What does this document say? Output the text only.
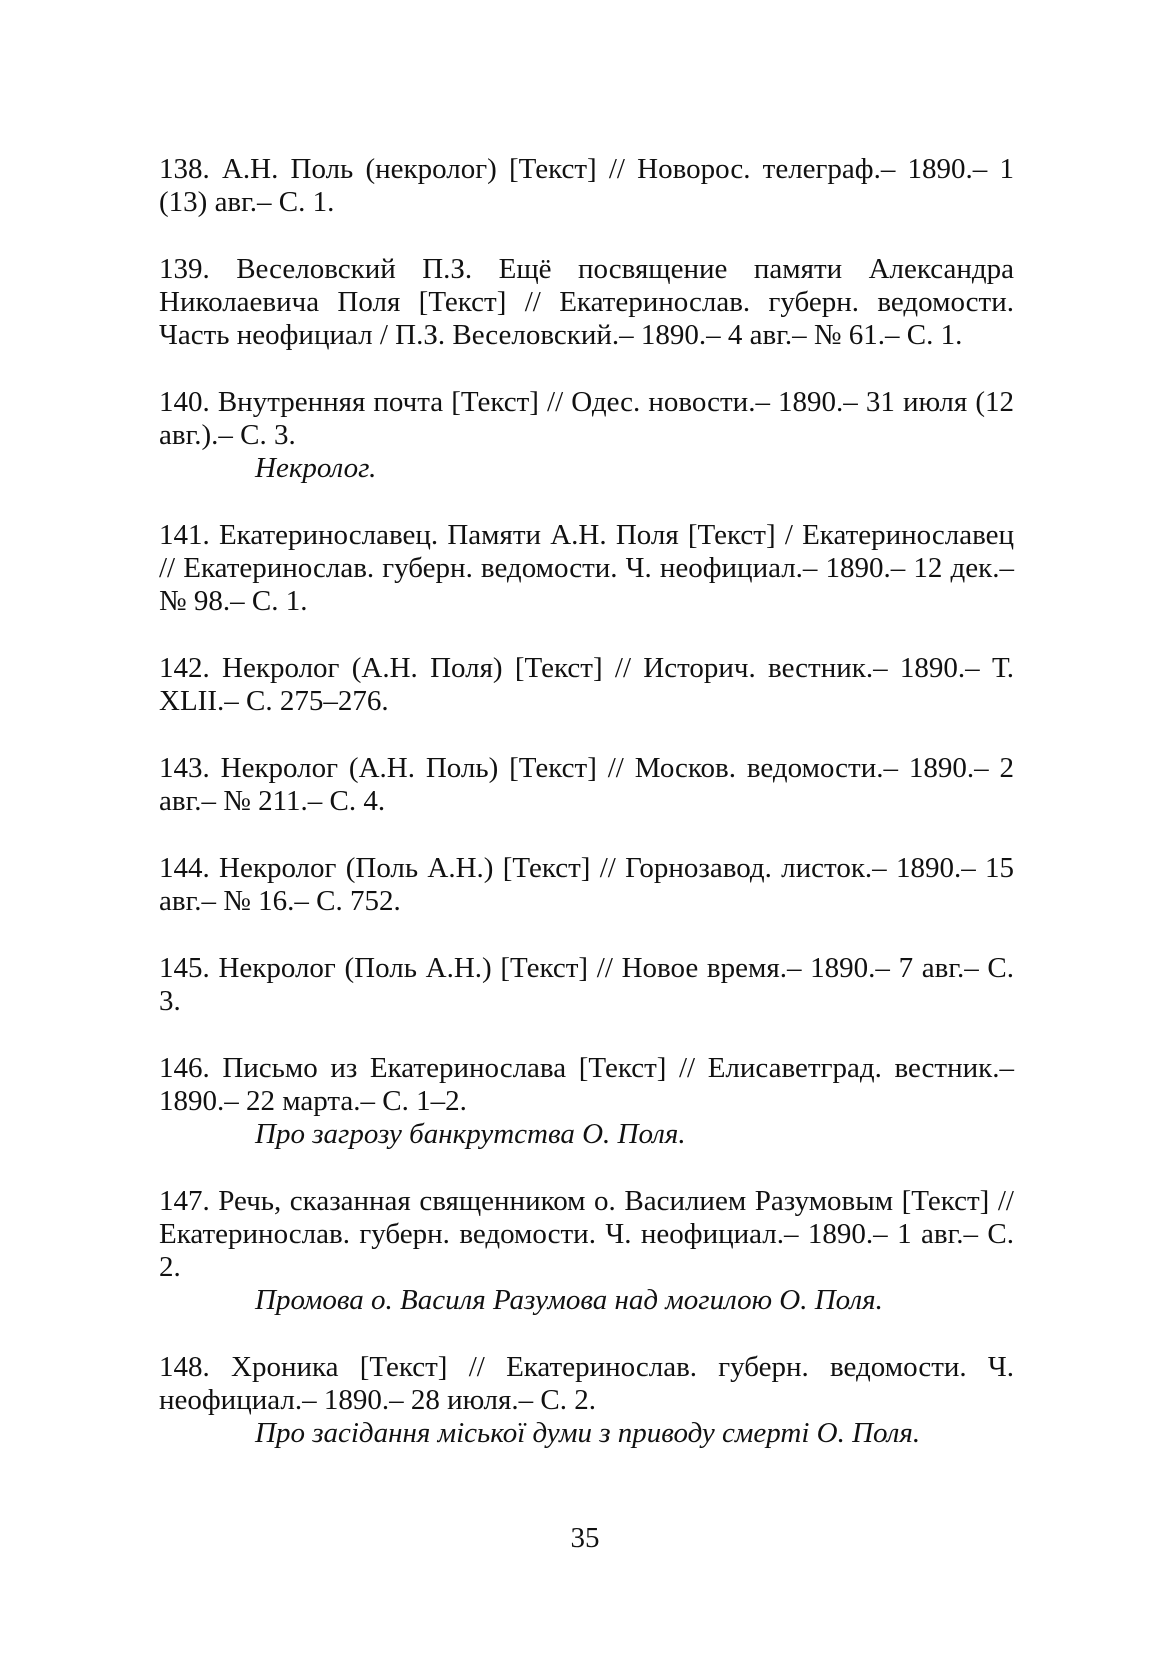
138. А.Н. Поль (некролог) [Текст] // Новорос. телеграф.– 1890.– 1 (13) авг.– С. 1.

139. Веселовский П.З. Ещё посвящение памяти Александра Николаевича Поля [Текст] // Екатеринослав. губерн. ведомости. Часть неофициал / П.З. Веселовский.– 1890.– 4 авг.– № 61.– С. 1.

140. Внутренняя почта [Текст] // Одес. новости.– 1890.– 31 июля (12 авг.).– С. 3.

Некролог.

141. Екатеринославец. Памяти А.Н. Поля [Текст] / Екатеринославец // Екатеринослав. губерн. ведомости. Ч. неофициал.– 1890.– 12 дек.– № 98.– С. 1.

142. Некролог (А.Н. Поля) [Текст] // Историч. вестник.– 1890.– Т. XLII.– С. 275–276.

143. Некролог (А.Н. Поль) [Текст] // Москов. ведомости.– 1890.– 2 авг.– № 211.– С. 4.

144. Некролог (Поль А.Н.) [Текст] // Горнозавод. листок.– 1890.– 15 авг.– № 16.– С. 752.

145. Некролог (Поль А.Н.) [Текст] // Новое время.– 1890.– 7 авг.– С. 3.

146. Письмо из Екатеринослава [Текст] // Елисаветград. вестник.– 1890.– 22 марта.– С. 1–2.

Про загрозу банкрутства О. Поля.

147. Речь, сказанная священником о. Василием Разумовым [Текст] // Екатеринослав. губерн. ведомости. Ч. неофициал.– 1890.– 1 авг.– С. 2.

Промова о. Василя Разумова над могилою О. Поля.

148. Хроника [Текст] // Екатеринослав. губерн. ведомости. Ч. неофициал.– 1890.– 28 июля.– С. 2.

Про засідання міської думи з приводу смерті О. Поля.

35
